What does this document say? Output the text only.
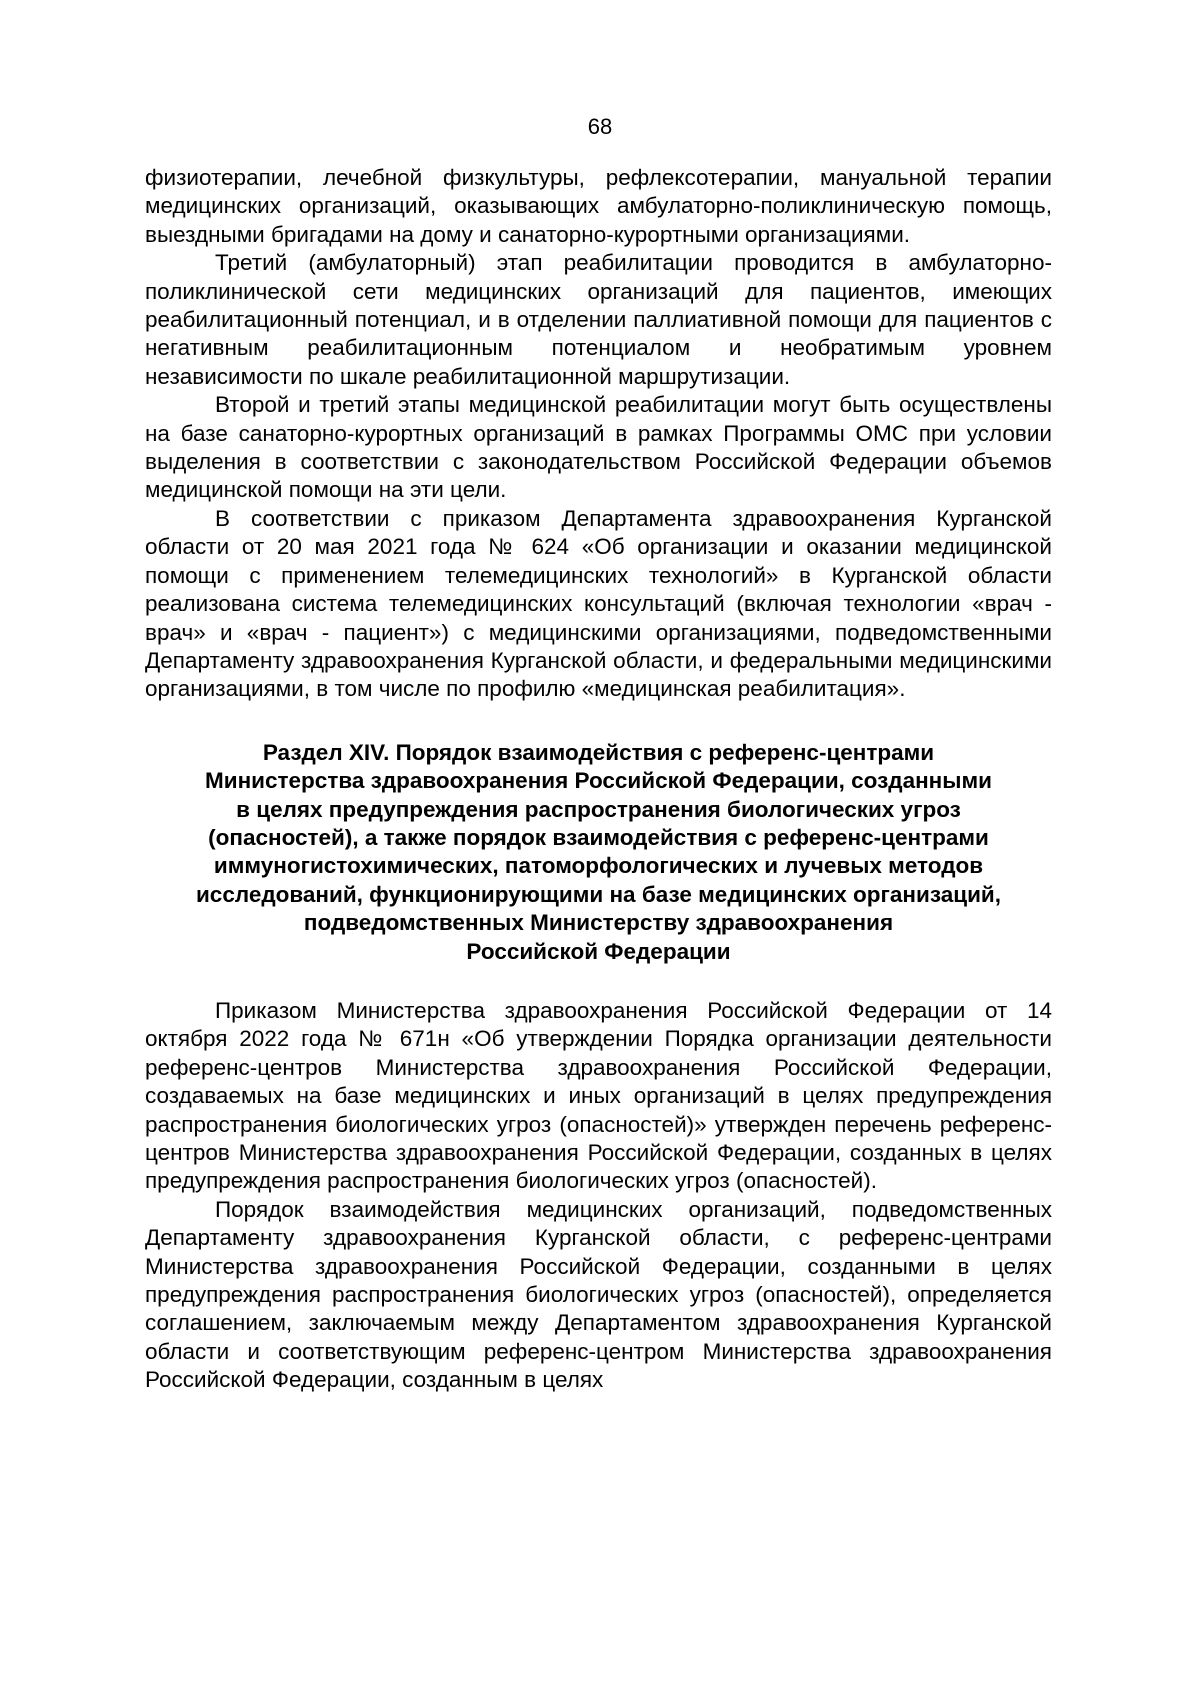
68

физиотерапии, лечебной физкультуры, рефлексотерапии, мануальной терапии медицинских организаций, оказывающих амбулаторно-поликлиническую помощь, выездными бригадами на дому и санаторно-курортными организациями.

Третий (амбулаторный) этап реабилитации проводится в амбулаторно-поликлинической сети медицинских организаций для пациентов, имеющих реабилитационный потенциал, и в отделении паллиативной помощи для пациентов с негативным реабилитационным потенциалом и необратимым уровнем независимости по шкале реабилитационной маршрутизации.

Второй и третий этапы медицинской реабилитации могут быть осуществлены на базе санаторно-курортных организаций в рамках Программы ОМС при условии выделения в соответствии с законодательством Российской Федерации объемов медицинской помощи на эти цели.

В соответствии с приказом Департамента здравоохранения Курганской области от 20 мая 2021 года № 624 «Об организации и оказании медицинской помощи с применением телемедицинских технологий» в Курганской области реализована система телемедицинских консультаций (включая технологии «врач - врач» и «врач - пациент») с медицинскими организациями, подведомственными Департаменту здравоохранения Курганской области, и федеральными медицинскими организациями, в том числе по профилю «медицинская реабилитация».

Раздел XIV. Порядок взаимодействия с референс-центрами
Министерства здравоохранения Российской Федерации, созданными
в целях предупреждения распространения биологических угроз
(опасностей), а также порядок взаимодействия с референс-центрами
иммуногистохимических, патоморфологических и лучевых методов
исследований, функционирующими на базе медицинских организаций,
подведомственных Министерству здравоохранения
Российской Федерации

Приказом Министерства здравоохранения Российской Федерации от 14 октября 2022 года № 671н «Об утверждении Порядка организации деятельности референс-центров Министерства здравоохранения Российской Федерации, создаваемых на базе медицинских и иных организаций в целях предупреждения распространения биологических угроз (опасностей)» утвержден перечень референс-центров Министерства здравоохранения Российской Федерации, созданных в целях предупреждения распространения биологических угроз (опасностей).

Порядок взаимодействия медицинских организаций, подведомственных Департаменту здравоохранения Курганской области, с референс-центрами Министерства здравоохранения Российской Федерации, созданными в целях предупреждения распространения биологических угроз (опасностей), определяется соглашением, заключаемым между Департаментом здравоохранения Курганской области и соответствующим референс-центром Министерства здравоохранения Российской Федерации, созданным в целях
